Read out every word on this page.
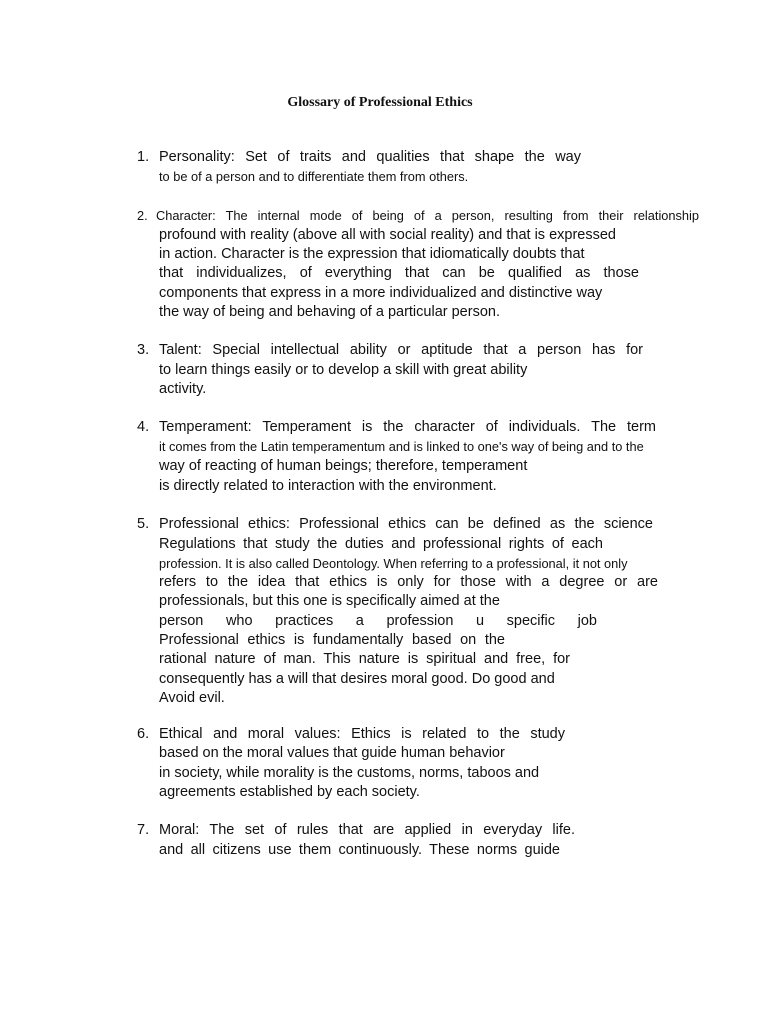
Glossary of Professional Ethics
1. Personality: Set of traits and qualities that shape the way
to be of a person and to differentiate them from others.
2. Character: The internal mode of being of a person, resulting from their relationship
profound with reality (above all with social reality) and that is expressed
in action. Character is the expression that idiomatically doubts that
that individualizes, of everything that can be qualified as those
components that express in a more individualized and distinctive way
the way of being and behaving of a particular person.
3. Talent: Special intellectual ability or aptitude that a person has for
to learn things easily or to develop a skill with great ability
activity.
4. Temperament: Temperament is the character of individuals. The term
it comes from the Latin temperamentum and is linked to one's way of being and to the
way of reacting of human beings; therefore, temperament
is directly related to interaction with the environment.
5. Professional ethics: Professional ethics can be defined as the science
Regulations that study the duties and professional rights of each
profession. It is also called Deontology. When referring to a professional, it not only
refers to the idea that ethics is only for those with a degree or are
professionals, but this one is specifically aimed at the
person who practices a profession u specific job
Professional ethics is fundamentally based on the
rational nature of man. This nature is spiritual and free, for
consequently has a will that desires moral good. Do good and
Avoid evil.
6. Ethical and moral values: Ethics is related to the study
based on the moral values that guide human behavior
in society, while morality is the customs, norms, taboos and
agreements established by each society.
7. Moral: The set of rules that are applied in everyday life.
and all citizens use them continuously. These norms guide
